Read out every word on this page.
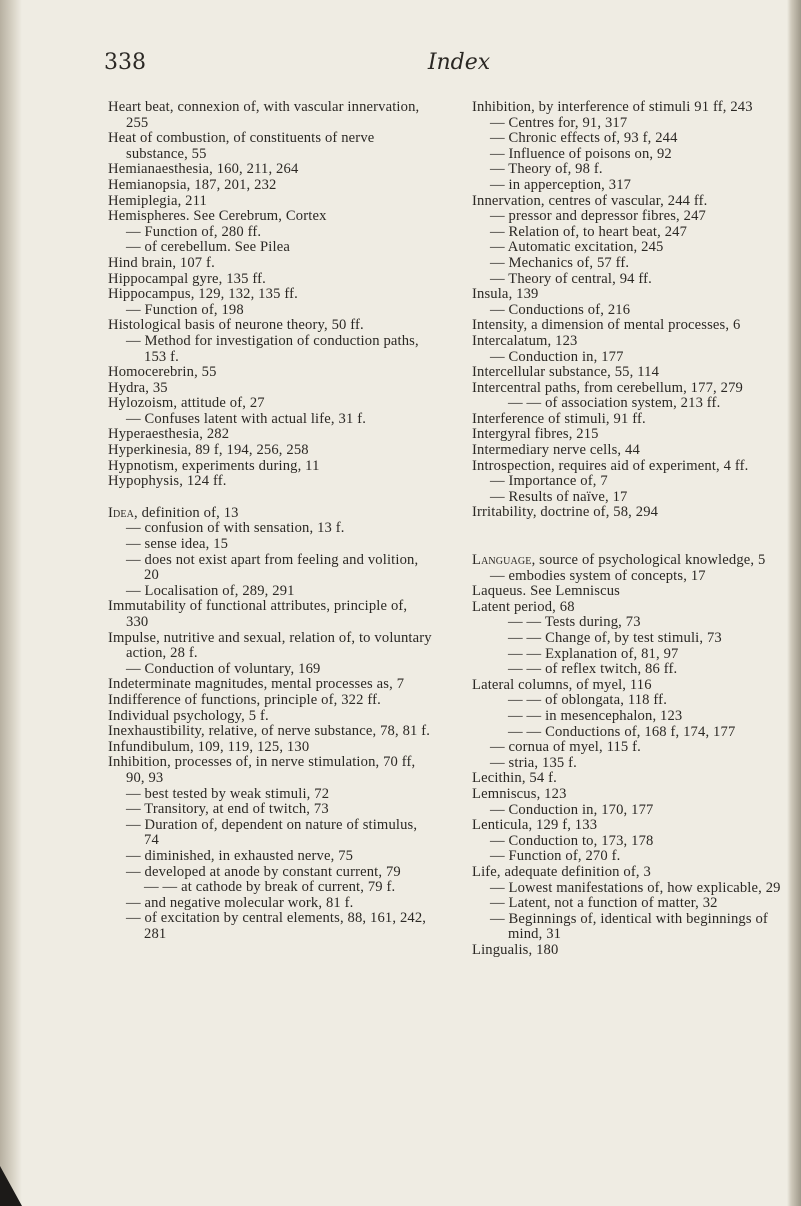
338	Index

Heart beat, connexion of, with vascular innervation, 255

Heat of combustion, of constituents of nerve substance, 55

Hemianaesthesia, 160, 211, 264

Hemianopsia, 187, 201, 232

Hemiplegia, 211

Hemispheres. See Cerebrum, Cortex

— Function of, 280 ff.

— of cerebellum. See Pilea

Hind brain, 107 f.

Hippocampal gyre, 135 ff.

Hippocampus, 129, 132, 135 ff.

— Function of, 198

Histological basis of neurone theory, 50 ff.

— Method for investigation of conduction paths, 153 f.

Homocerebrin, 55

Hydra, 35

Hylozoism, attitude of, 27

— Confuses latent with actual life, 31 f.

Hyperaesthesia, 282

Hyperkinesia, 89 f, 194, 256, 258

Hypnotism, experiments during, 11

Hypophysis, 124 ff.

Idea, definition of, 13

— confusion of with sensation, 13 f.

— sense idea, 15

— does not exist apart from feeling and volition, 20

— Localisation of, 289, 291

Immutability of functional attributes, principle of, 330

Impulse, nutritive and sexual, relation of, to voluntary action, 28 f.

— Conduction of voluntary, 169

Indeterminate magnitudes, mental processes as, 7

Indifference of functions, principle of, 322 ff.

Individual psychology, 5 f.

Inexhaustibility, relative, of nerve substance, 78, 81 f.

Infundibulum, 109, 119, 125, 130

Inhibition, processes of, in nerve stimulation, 70 ff, 90, 93

— best tested by weak stimuli, 72

— Transitory, at end of twitch, 73

— Duration of, dependent on nature of stimulus, 74

— diminished, in exhausted nerve, 75

— developed at anode by constant current, 79

— — at cathode by break of current, 79 f.

— and negative molecular work, 81 f.

— of excitation by central elements, 88, 161, 242, 281

Inhibition, by interference of stimuli 91 ff, 243

— Centres for, 91, 317

— Chronic effects of, 93 f, 244

— Influence of poisons on, 92

— Theory of, 98 f.

— in apperception, 317

Innervation, centres of vascular, 244 ff.

— pressor and depressor fibres, 247

— Relation of, to heart beat, 247

— Automatic excitation, 245

— Mechanics of, 57 ff.

— Theory of central, 94 ff.

Insula, 139

— Conductions of, 216

Intensity, a dimension of mental processes, 6

Intercalatum, 123

— Conduction in, 177

Intercellular substance, 55, 114

Intercentral paths, from cerebellum, 177, 279

— — of association system, 213 ff.

Interference of stimuli, 91 ff.

Intergyral fibres, 215

Intermediary nerve cells, 44

Introspection, requires aid of experiment, 4 ff.

— Importance of, 7

— Results of naïve, 17

Irritability, doctrine of, 58, 294

Language, source of psychological knowledge, 5

— embodies system of concepts, 17

Laqueus. See Lemniscus

Latent period, 68

— — Tests during, 73

— — Change of, by test stimuli, 73

— — Explanation of, 81, 97

— — of reflex twitch, 86 ff.

Lateral columns, of myel, 116

— — of oblongata, 118 ff.

— — in mesencephalon, 123

— — Conductions of, 168 f, 174, 177

— cornua of myel, 115 f.

— stria, 135 f.

Lecithin, 54 f.

Lemniscus, 123

— Conduction in, 170, 177

Lenticula, 129 f, 133

— Conduction to, 173, 178

— Function of, 270 f.

Life, adequate definition of, 3

— Lowest manifestations of, how explicable, 29

— Latent, not a function of matter, 32

— Beginnings of, identical with beginnings of mind, 31

Lingualis, 180
